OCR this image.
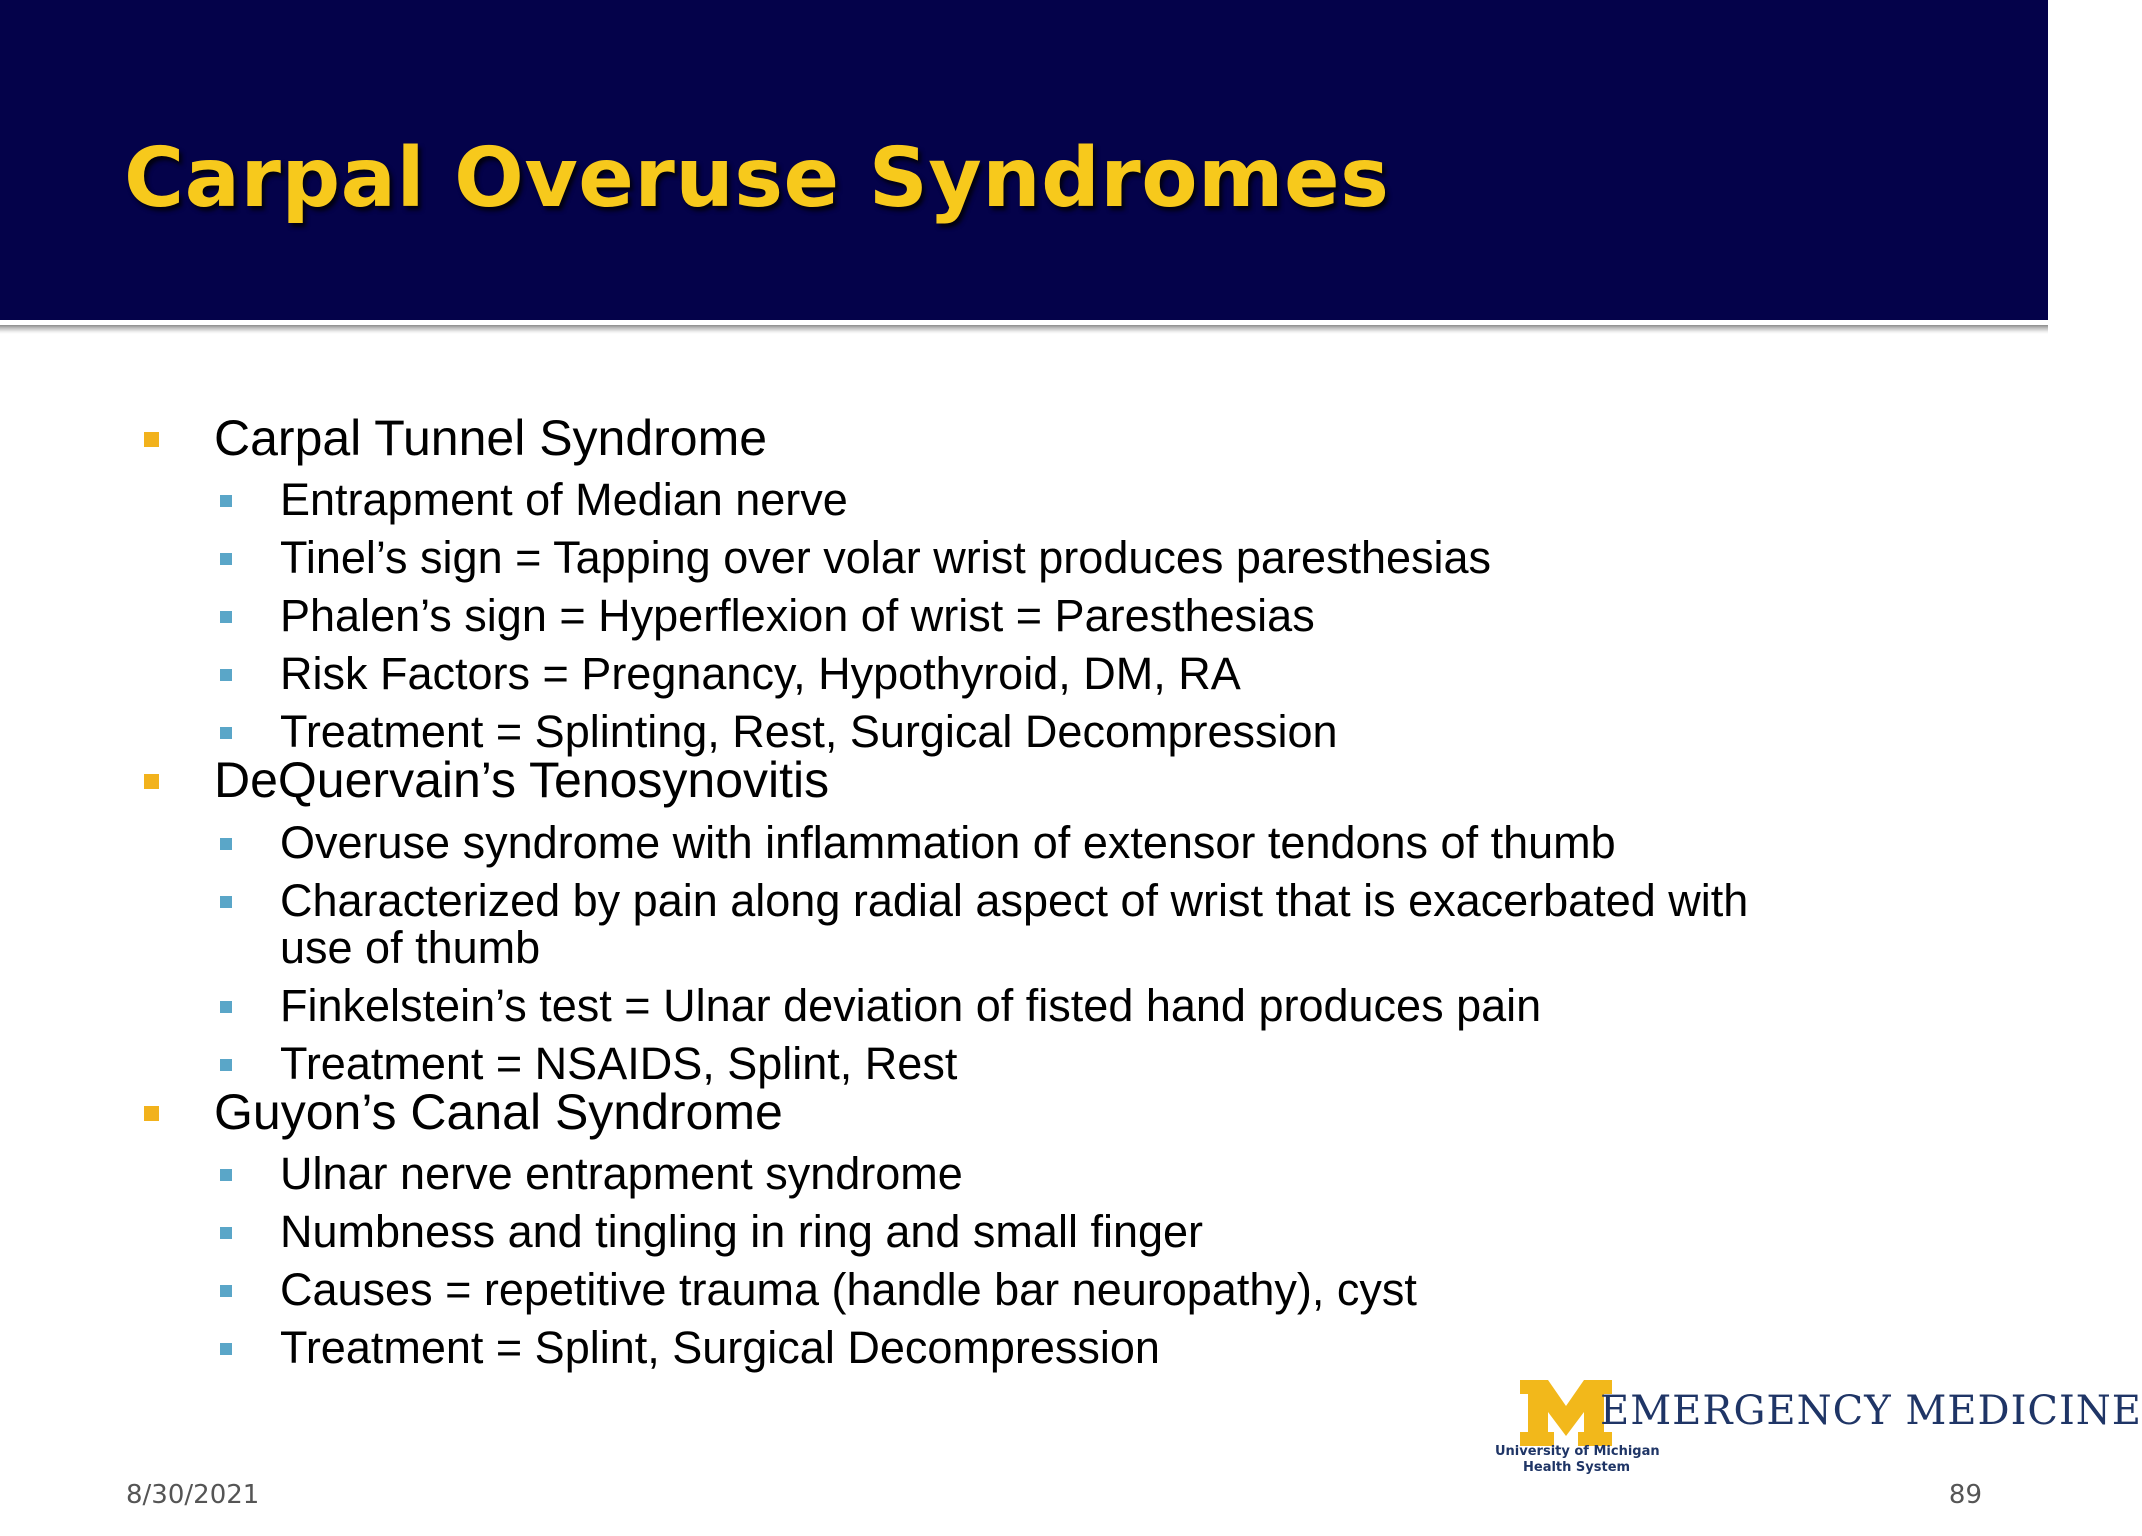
Carpal Overuse Syndromes
Carpal Tunnel Syndrome
Entrapment of Median nerve
Tinel’s sign = Tapping over volar wrist produces paresthesias
Phalen’s sign = Hyperflexion of wrist = Paresthesias
Risk Factors = Pregnancy, Hypothyroid, DM, RA
Treatment = Splinting, Rest, Surgical Decompression
DeQuervain’s Tenosynovitis
Overuse syndrome with inflammation of extensor tendons of thumb
Characterized by pain along radial aspect of wrist that is exacerbated with
use of thumb
Finkelstein’s test = Ulnar deviation of fisted hand produces pain
Treatment = NSAIDS, Splint, Rest
Guyon’s Canal Syndrome
Ulnar nerve entrapment syndrome
Numbness and tingling in ring and small finger
Causes = repetitive trauma (handle bar neuropathy), cyst
Treatment = Splint, Surgical Decompression
EMERGENCY MEDICINE
University of Michigan
Health System
8/30/2021	89
